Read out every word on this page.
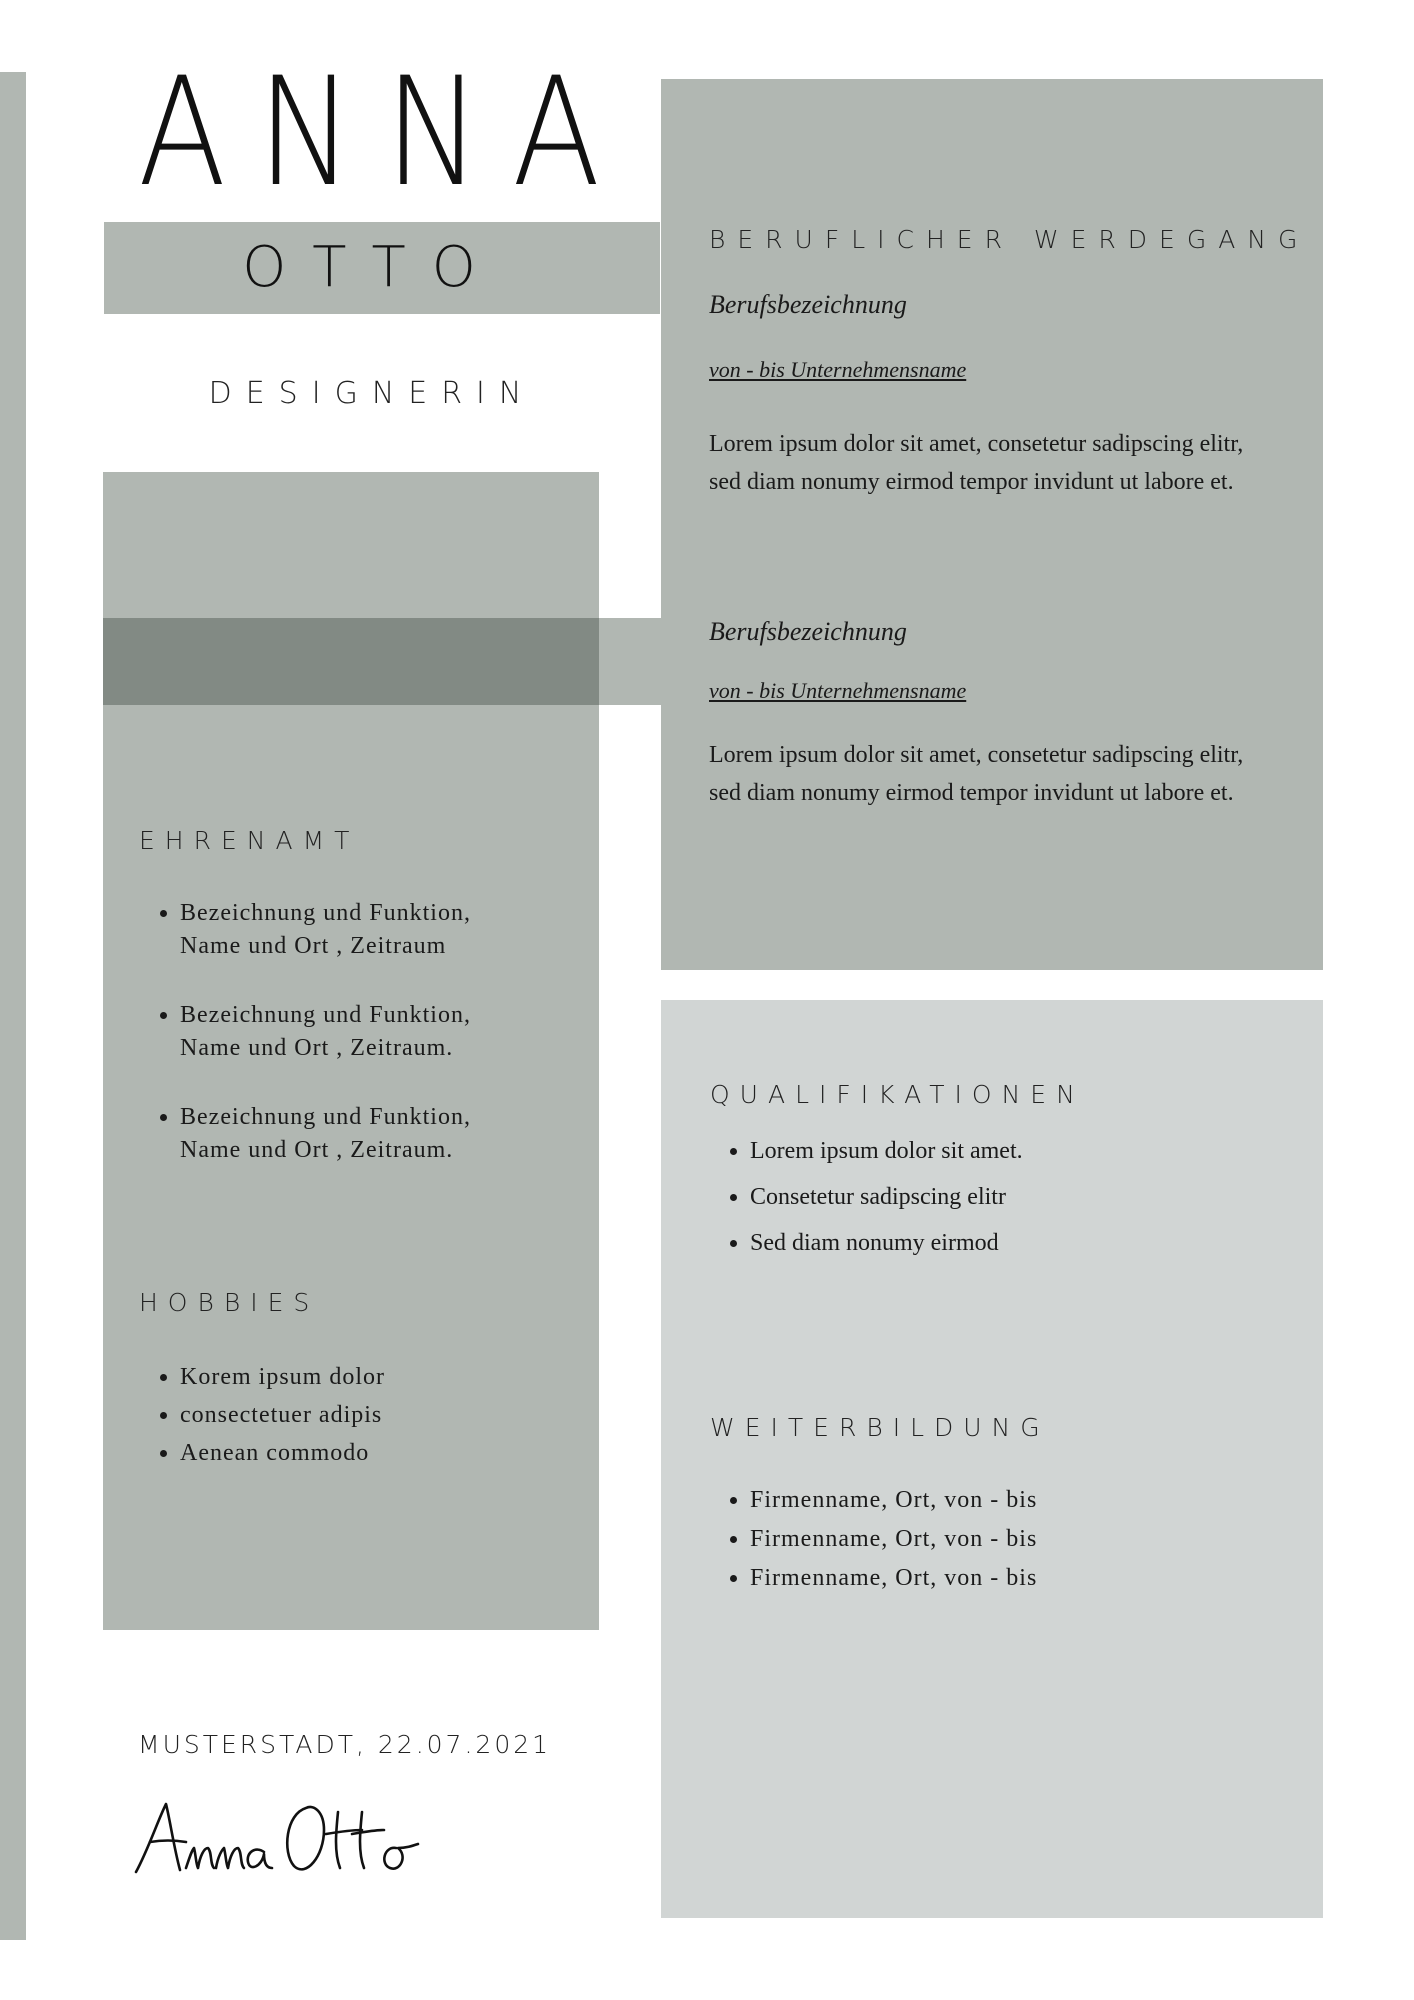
ANNA
OTTO
DESIGNERIN
BERUFLICHER WERDEGANG
Berufsbezeichnung
von - bis Unternehmensname
Lorem ipsum dolor sit amet, consetetur sadipscing elitr,
sed diam nonumy eirmod tempor invidunt ut labore et.
Berufsbezeichnung
von - bis Unternehmensname
Lorem ipsum dolor sit amet, consetetur sadipscing elitr,
sed diam nonumy eirmod tempor invidunt ut labore et.
EHRENAMT
• Bezeichnung und Funktion,
Name und Ort , Zeitraum
• Bezeichnung und Funktion,
Name und Ort , Zeitraum.
• Bezeichnung und Funktion,
Name und Ort , Zeitraum.
HOBBIES
• Korem ipsum dolor
• consectetuer adipis
• Aenean commodo
QUALIFIKATIONEN
• Lorem ipsum dolor sit amet.
• Consetetur sadipscing elitr
• Sed diam nonumy eirmod
WEITERBILDUNG
• Firmenname, Ort, von - bis
• Firmenname, Ort, von - bis
• Firmenname, Ort, von - bis
MUSTERSTADT, 22.07.2021
